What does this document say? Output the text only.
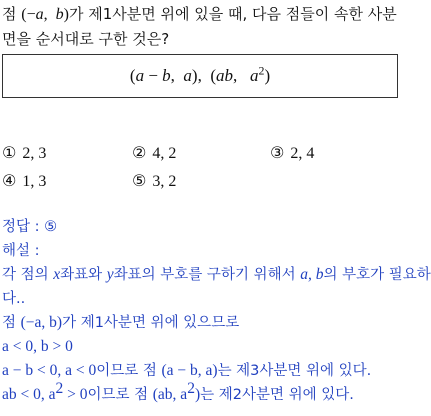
점 (−a,  b)가 제1사분면 위에 있을 때, 다음 점들이 속한 사분
면을 순서대로 구한 것은?
(a − b,  a),  (ab,   $a^2$)
① 2, 3	② 4, 2	③ 2, 4
④ 1, 3	⑤ 3, 2
정답 : ⑤
해설 :
각 점의 x좌표와 y좌표의 부호를 구하기 위해서 a, b의 부호가 필요하
다..
점 (−a, b)가 제1사분면 위에 있으므로
a < 0, b > 0
a − b < 0, a < 0이므로 점 (a − b, a)는 제3사분면 위에 있다.
ab < 0, $a^2 > 0$이므로 점 (ab, $a^2$)는 제2사분면 위에 있다.
